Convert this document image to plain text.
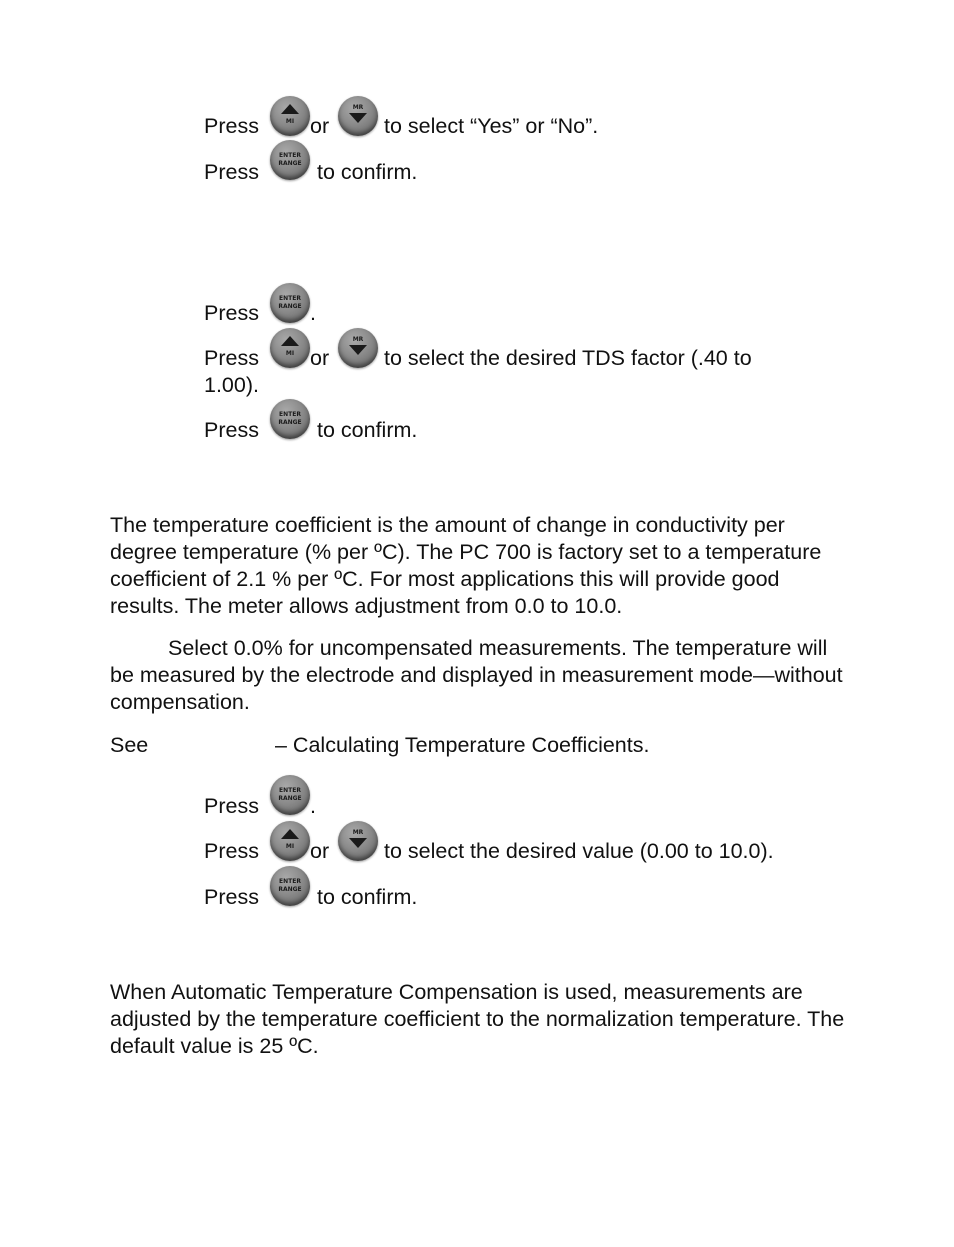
Press	MI or
MR
to select “Yes” or “No”.
Press
ENTER
RANGE to confirm.
Press
ENTER
RANGE .
Press	MI or
MR
to select the desired TDS factor (.40 to
1.00).
Press
ENTER
RANGE to confirm.
The temperature coefficient is the amount of change in conductivity per degree temperature (% per ºC). The PC 700 is factory set to a temperature coefficient of 2.1 % per ºC. For most applications this will provide good results. The meter allows adjustment from 0.0 to 10.0.
Select 0.0% for uncompensated measurements. The temperature will be measured by the electrode and displayed in measurement mode—without compensation.
See	– Calculating Temperature Coefficients.
Press
ENTER
RANGE .
Press	MI or
MR
to select the desired value (0.00 to 10.0).
Press
ENTER
RANGE to confirm.
When Automatic Temperature Compensation is used, measurements are adjusted by the temperature coefficient to the normalization temperature. The default value is 25 ºC.
